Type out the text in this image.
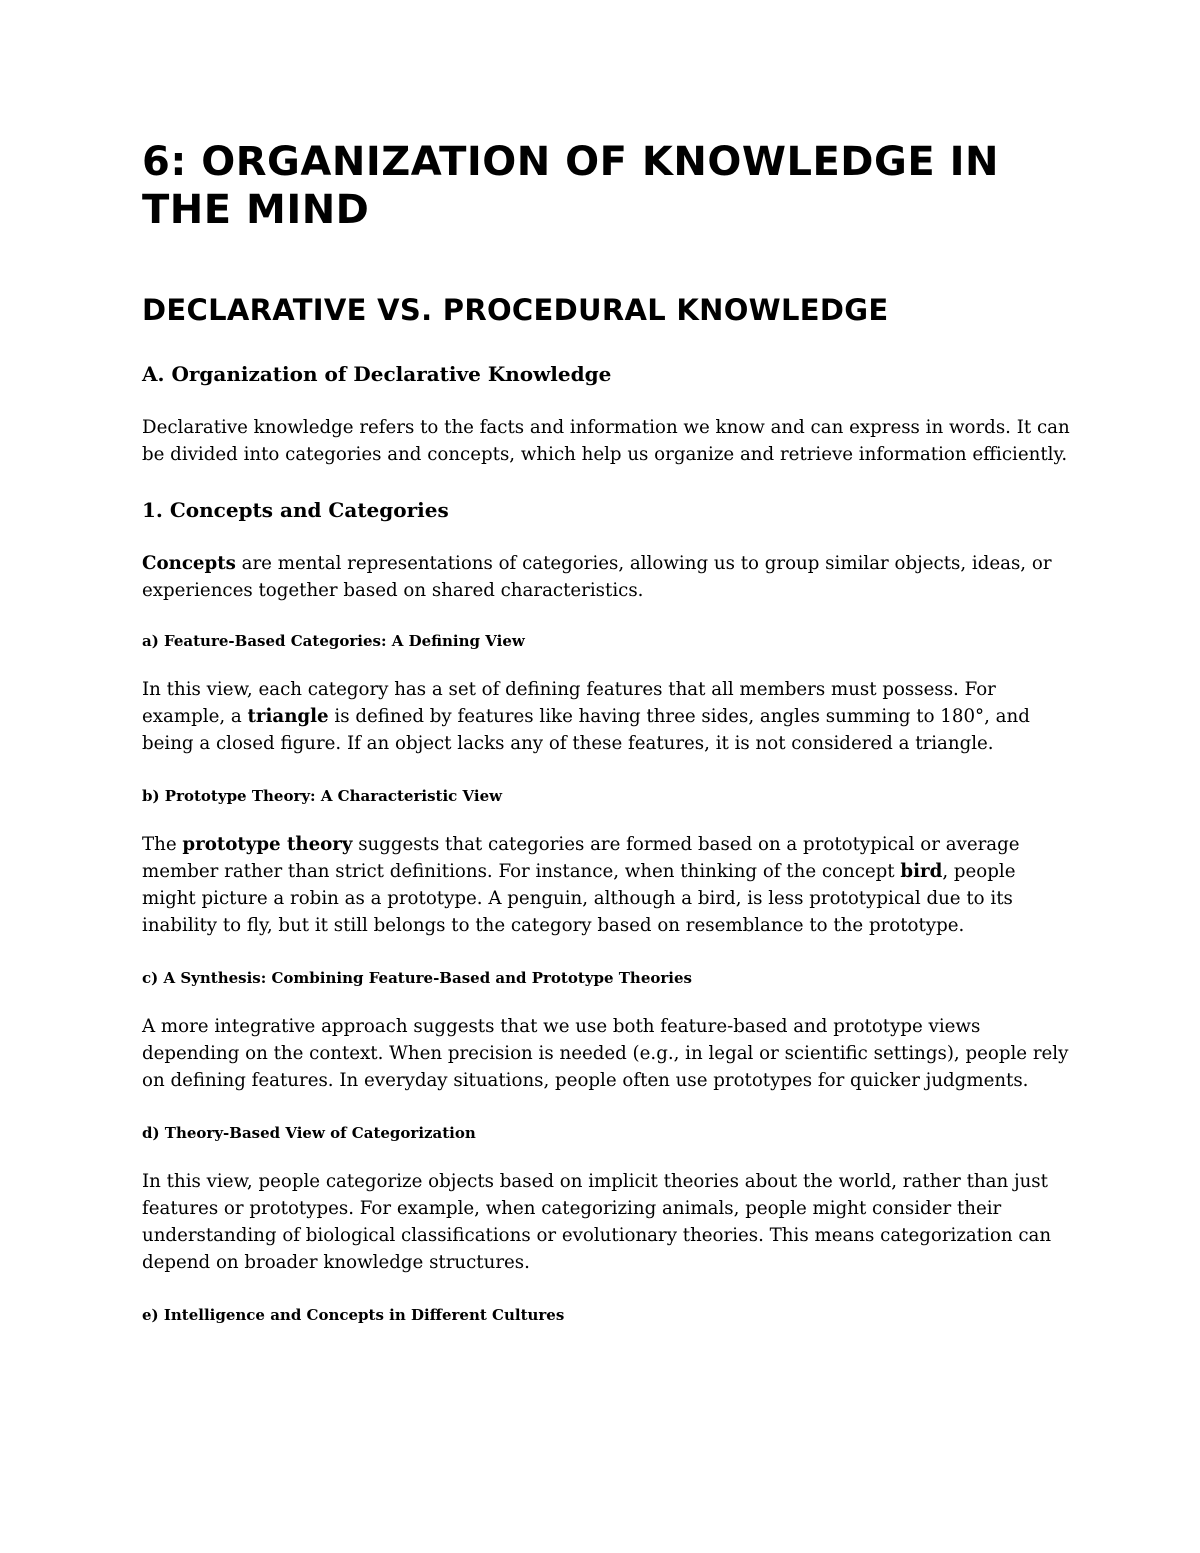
6: ORGANIZATION OF KNOWLEDGE IN THE MIND
DECLARATIVE VS. PROCEDURAL KNOWLEDGE
A. Organization of Declarative Knowledge

Declarative knowledge refers to the facts and information we know and can express in words. It can be divided into categories and concepts, which help us organize and retrieve information efficiently.

1. Concepts and Categories

Concepts are mental representations of categories, allowing us to group similar objects, ideas, or experiences together based on shared characteristics.

a) Feature-Based Categories: A Defining View

In this view, each category has a set of defining features that all members must possess. For example, a triangle is defined by features like having three sides, angles summing to 180°, and being a closed figure. If an object lacks any of these features, it is not considered a triangle.

b) Prototype Theory: A Characteristic View

The prototype theory suggests that categories are formed based on a prototypical or average member rather than strict definitions. For instance, when thinking of the concept bird, people might picture a robin as a prototype. A penguin, although a bird, is less prototypical due to its inability to fly, but it still belongs to the category based on resemblance to the prototype.

c) A Synthesis: Combining Feature-Based and Prototype Theories

A more integrative approach suggests that we use both feature-based and prototype views depending on the context. When precision is needed (e.g., in legal or scientific settings), people rely on defining features. In everyday situations, people often use prototypes for quicker judgments.

d) Theory-Based View of Categorization

In this view, people categorize objects based on implicit theories about the world, rather than just features or prototypes. For example, when categorizing animals, people might consider their understanding of biological classifications or evolutionary theories. This means categorization can depend on broader knowledge structures.

e) Intelligence and Concepts in Different Cultures
